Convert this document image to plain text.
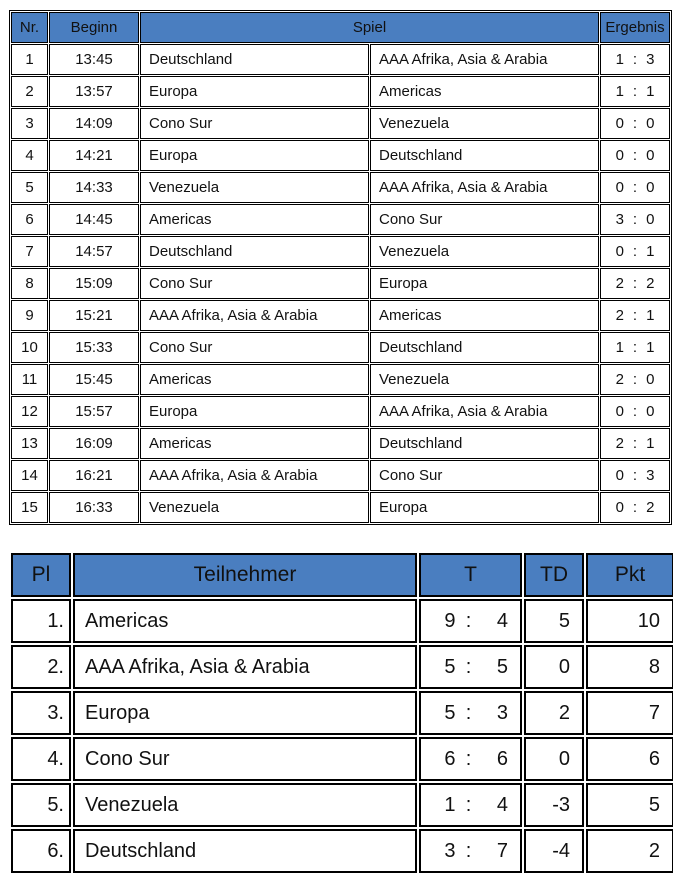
Nr.	Beginn	Spiel		Ergebnis
1	13:45	Deutschland	AAA Afrika, Asia & Arabia	1 : 3

2	13:57	Europa	Americas	1 : 1

3	14:09	Cono Sur	Venezuela	0 : 0

4	14:21	Europa	Deutschland	0 : 0

5	14:33	Venezuela	AAA Afrika, Asia & Arabia	0 : 0

6	14:45	Americas	Cono Sur	3 : 0

7	14:57	Deutschland	Venezuela	0 : 1

8	15:09	Cono Sur	Europa	2 : 2

9	15:21	AAA Afrika, Asia & Arabia	Americas	2 : 1

10	15:33	Cono Sur	Deutschland	1 : 1

11	15:45	Americas	Venezuela	2 : 0

12	15:57	Europa	AAA Afrika, Asia & Arabia	0 : 0

13	16:09	Americas	Deutschland	2 : 1

14	16:21	AAA Afrika, Asia & Arabia	Cono Sur	0 : 3

15	16:33	Venezuela	Europa	0 : 2
Pl	Teilnehmer	T	TD	Pkt
1.	Americas	9 : 4	5	10
2.	AAA Afrika, Asia & Arabia	5 : 5	0	8
3.	Europa	5 : 3	2	7
4.	Cono Sur	6 : 6	0	6
5.	Venezuela	1 : 4	-3	5
6.	Deutschland	3 : 7	-4	2
